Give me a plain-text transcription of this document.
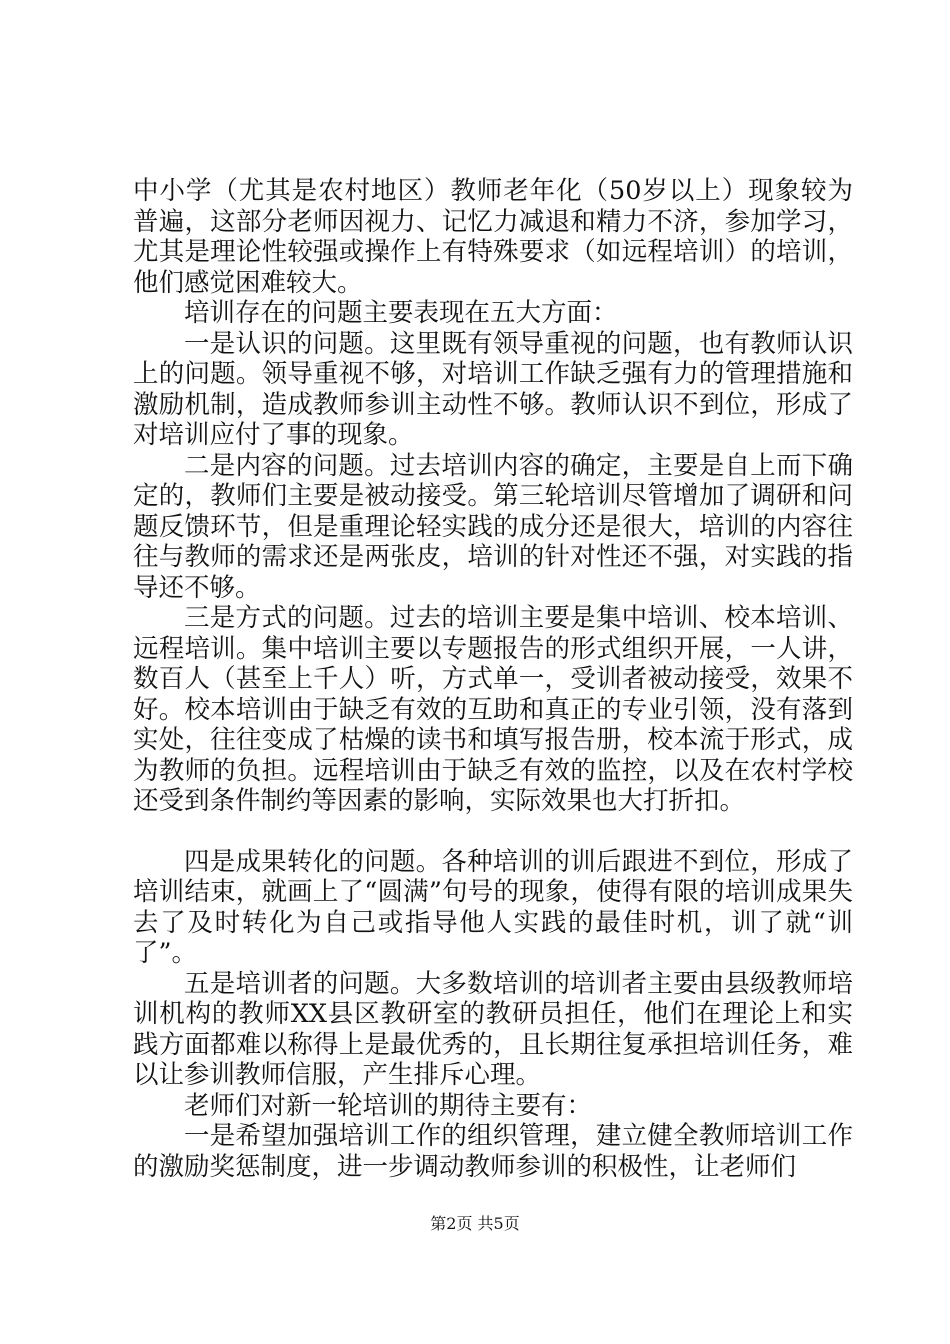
中小学（尤其是农村地区）教师老年化（50岁以上）现象较为普遍，这部分老师因视力、记忆力减退和精力不济，参加学习，尤其是理论性较强或操作上有特殊要求（如远程培训）的培训，他们感觉困难较大。

培训存在的问题主要表现在五大方面：

一是认识的问题。这里既有领导重视的问题，也有教师认识上的问题。领导重视不够，对培训工作缺乏强有力的管理措施和激励机制，造成教师参训主动性不够。教师认识不到位，形成了对培训应付了事的现象。

二是内容的问题。过去培训内容的确定，主要是自上而下确定的，教师们主要是被动接受。第三轮培训尽管增加了调研和问题反馈环节，但是重理论轻实践的成分还是很大，培训的内容往往与教师的需求还是两张皮，培训的针对性还不强，对实践的指导还不够。

三是方式的问题。过去的培训主要是集中培训、校本培训、远程培训。集中培训主要以专题报告的形式组织开展，一人讲，数百人（甚至上千人）听，方式单一，受训者被动接受，效果不好。校本培训由于缺乏有效的互助和真正的专业引领，没有落到实处，往往变成了枯燥的读书和填写报告册，校本流于形式，成为教师的负担。远程培训由于缺乏有效的监控，以及在农村学校还受到条件制约等因素的影响，实际效果也大打折扣。

四是成果转化的问题。各种培训的训后跟进不到位，形成了培训结束，就画上了“圆满”句号的现象，使得有限的培训成果失去了及时转化为自己或指导他人实践的最佳时机，训了就“训了”。

五是培训者的问题。大多数培训的培训者主要由县级教师培训机构的教师XX县区教研室的教研员担任，他们在理论上和实践方面都难以称得上是最优秀的，且长期往复承担培训任务，难以让参训教师信服，产生排斥心理。

老师们对新一轮培训的期待主要有：

一是希望加强培训工作的组织管理，建立健全教师培训工作的激励奖惩制度，进一步调动教师参训的积极性，让老师们

第2页 共5页
